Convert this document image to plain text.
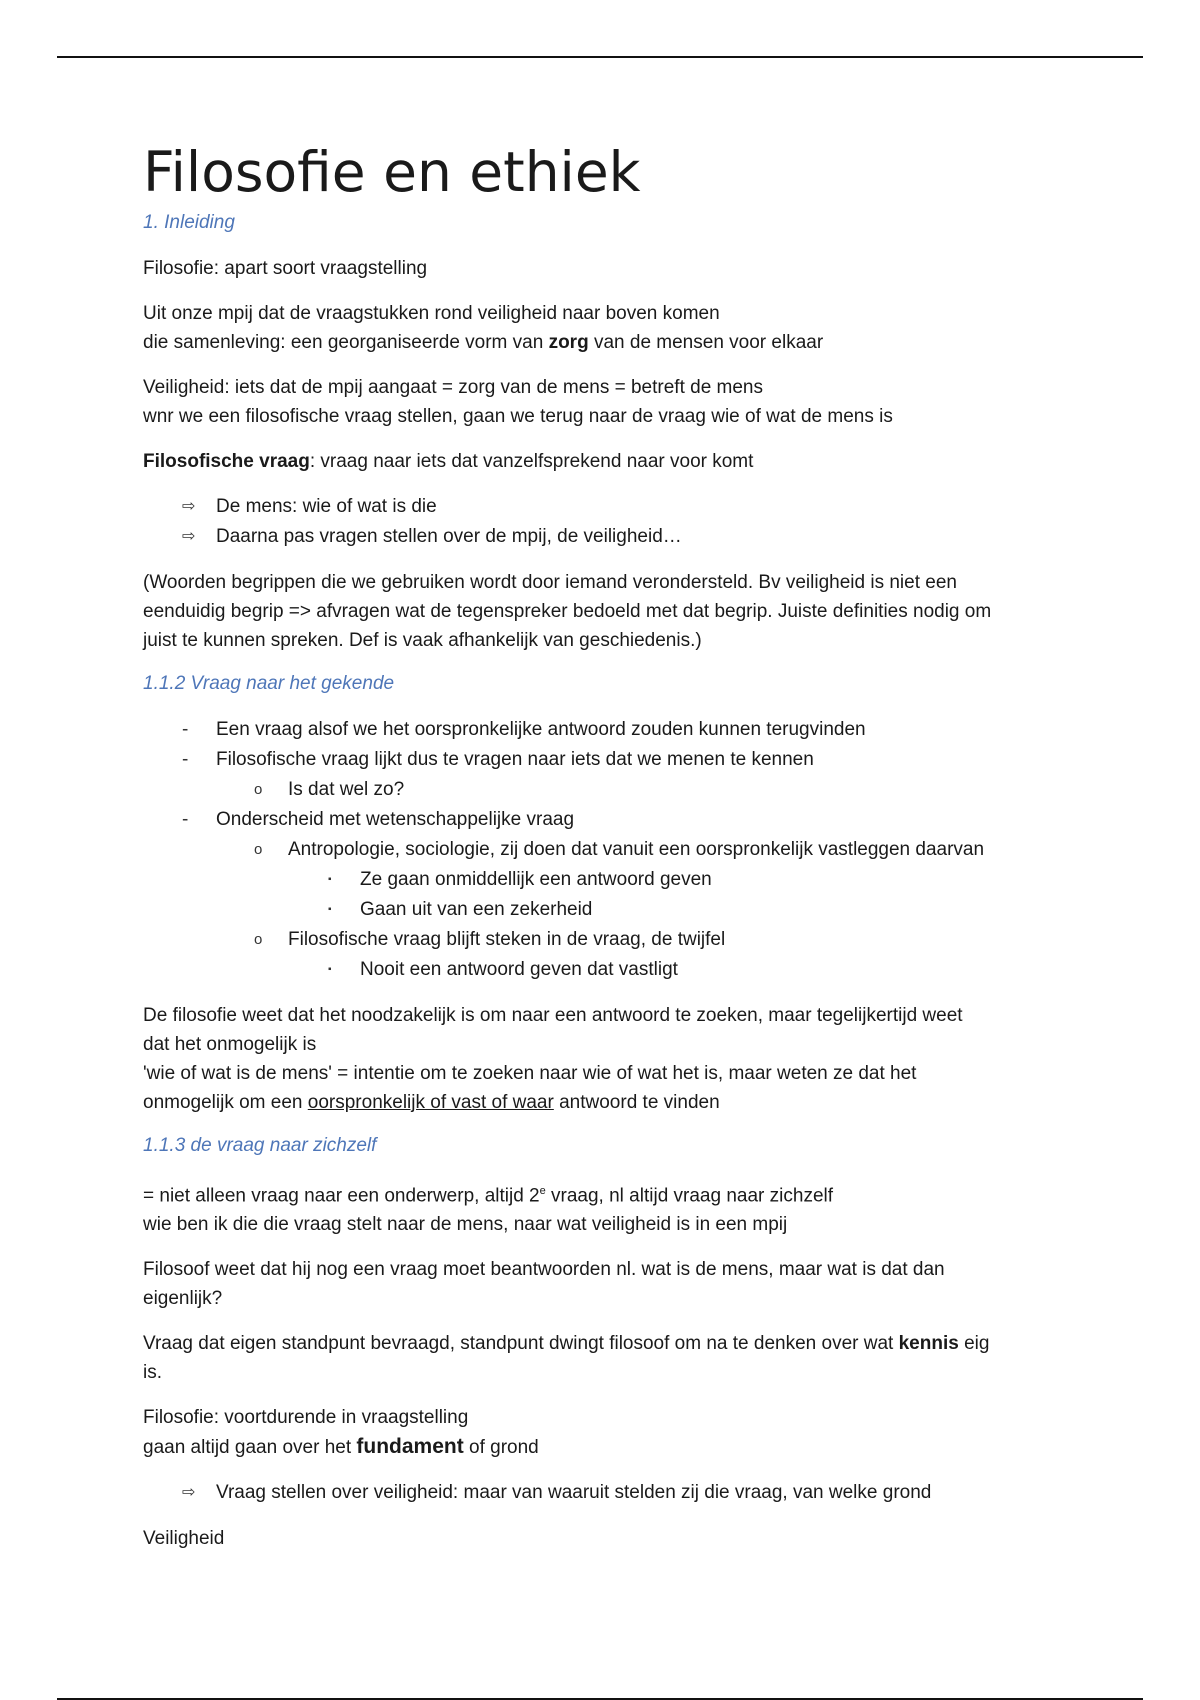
Filosofie en ethiek
1. Inleiding

Filosofie: apart soort vraagstelling

Uit onze mpij dat de vraagstukken rond veiligheid naar boven komen
die samenleving: een georganiseerde vorm van zorg van de mensen voor elkaar
Veiligheid: iets dat de mpij aangaat = zorg van de mens = betreft de mens
wnr we een filosofische vraag stellen, gaan we terug naar de vraag wie of wat de mens is

Filosofische vraag: vraag naar iets dat vanzelfsprekend naar voor komt

⇨ De mens: wie of wat is die
⇨ Daarna pas vragen stellen over de mpij, de veiligheid…
(Woorden begrippen die we gebruiken wordt door iemand verondersteld. Bv veiligheid is niet een
eenduidig begrip => afvragen wat de tegenspreker bedoeld met dat begrip. Juiste definities nodig om
juist te kunnen spreken. Def is vaak afhankelijk van geschiedenis.)
1.1.2 Vraag naar het gekende
- Een vraag alsof we het oorspronkelijke antwoord zouden kunnen terugvinden
- Filosofische vraag lijkt dus te vragen naar iets dat we menen te kennen
o Is dat wel zo?
- Onderscheid met wetenschappelijke vraag
o Antropologie, sociologie, zij doen dat vanuit een oorspronkelijk vastleggen daarvan
▪ Ze gaan onmiddellijk een antwoord geven
▪ Gaan uit van een zekerheid
o Filosofische vraag blijft steken in de vraag, de twijfel
▪ Nooit een antwoord geven dat vastligt
De filosofie weet dat het noodzakelijk is om naar een antwoord te zoeken, maar tegelijkertijd weet
dat het onmogelijk is
'wie of wat is de mens' = intentie om te zoeken naar wie of wat het is, maar weten ze dat het
onmogelijk om een oorspronkelijk of vast of waar antwoord te vinden
1.1.3 de vraag naar zichzelf
= niet alleen vraag naar een onderwerp, altijd 2e vraag, nl altijd vraag naar zichzelf
wie ben ik die die vraag stelt naar de mens, naar wat veiligheid is in een mpij
Filosoof weet dat hij nog een vraag moet beantwoorden nl. wat is de mens, maar wat is dat dan
eigenlijk?
Vraag dat eigen standpunt bevraagd, standpunt dwingt filosoof om na te denken over wat kennis eig
is.
Filosofie: voortdurende in vraagstelling
gaan altijd gaan over het fundament of grond
⇨ Vraag stellen over veiligheid: maar van waaruit stelden zij die vraag, van welke grond

Veiligheid
